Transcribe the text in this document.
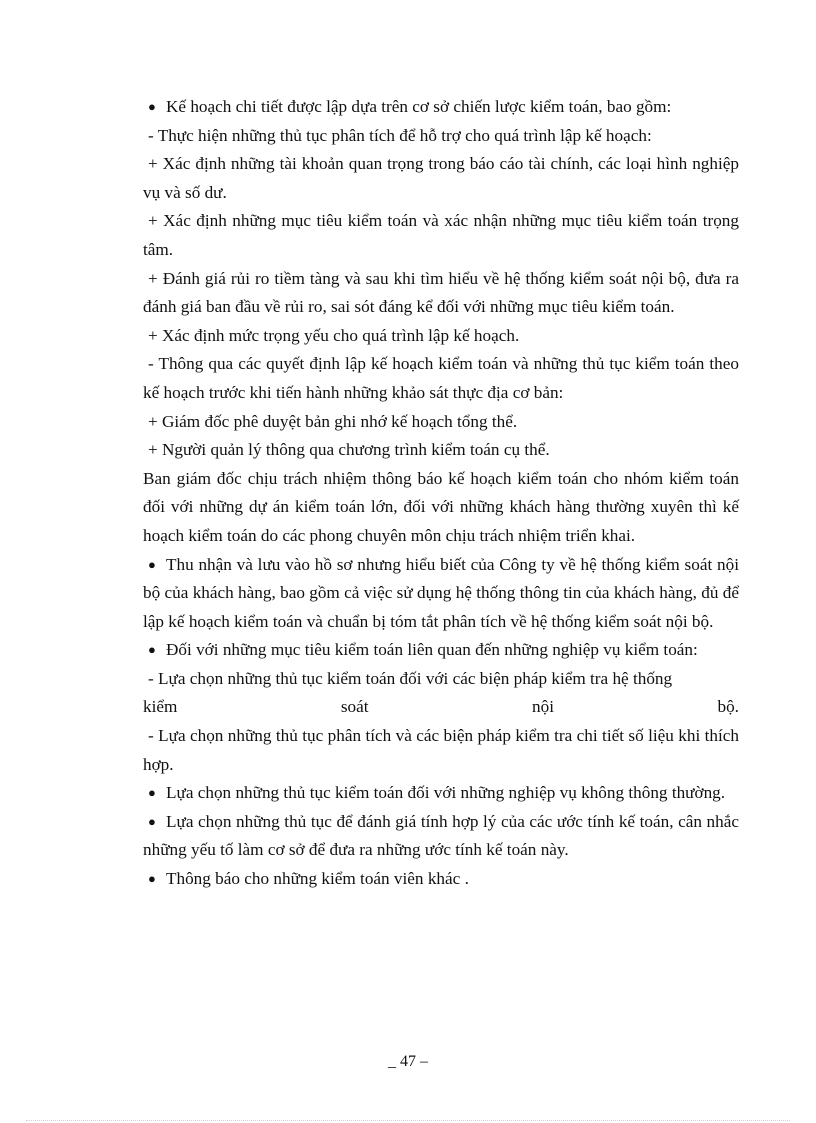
● Kế hoạch chi tiết được lập dựa trên cơ sở chiến lược kiểm toán, bao gồm:

- Thực hiện những thủ tục phân tích để hỗ trợ cho quá trình lập kế hoạch:

+ Xác định những tài khoản quan trọng trong báo cáo tài chính, các loại hình nghiệp vụ và số dư.

+ Xác định những mục tiêu kiểm toán và xác nhận những mục tiêu kiểm toán trọng tâm.

+ Đánh giá rủi ro tiềm tàng và sau khi tìm hiểu về hệ thống kiểm soát nội bộ, đưa ra đánh giá ban đầu về rủi ro, sai sót đáng kể đối với những mục tiêu kiểm toán.

+ Xác định mức trọng yếu cho quá trình lập kế hoạch.

- Thông qua các quyết định lập kế hoạch kiểm toán và những thủ tục kiểm toán theo kế hoạch trước khi tiến hành những khảo sát thực địa cơ bản:

+ Giám đốc phê duyệt bản ghi nhớ kế hoạch tổng thể.

+ Người quản lý thông qua chương trình kiểm toán cụ thể.

Ban giám đốc chịu trách nhiệm thông báo kế hoạch kiểm toán cho nhóm kiểm toán đối với những dự án kiểm toán lớn, đối với những khách hàng thường xuyên thì kế hoạch kiểm toán do các phong chuyên môn chịu trách nhiệm triển khai.

● Thu nhận và lưu vào hồ sơ nhưng hiểu biết của Công ty về hệ thống kiểm soát nội bộ của khách hàng, bao gồm cả việc sử dụng hệ thống thông tin của khách hàng, đủ để lập kế hoạch kiểm toán và chuẩn bị tóm tắt phân tích về hệ thống kiểm soát nội bộ.

● Đối với những mục tiêu kiểm toán liên quan đến những nghiệp vụ kiểm toán:

- Lựa chọn những thủ tục kiểm toán đối với các biện pháp kiểm tra hệ thống

kiểm	soát	nội	bộ.

- Lựa chọn những thủ tục phân tích và các biện pháp kiểm tra chi tiết số liệu khi thích hợp.

● Lựa chọn những thủ tục kiểm toán đối với những nghiệp vụ không thông thường.

● Lựa chọn những thủ tục để đánh giá tính hợp lý của các ước tính kế toán, cân nhắc những yếu tố làm cơ sở để đưa ra những ước tính kế toán này.

● Thông báo cho những kiểm toán viên khác .

_ 47 –
